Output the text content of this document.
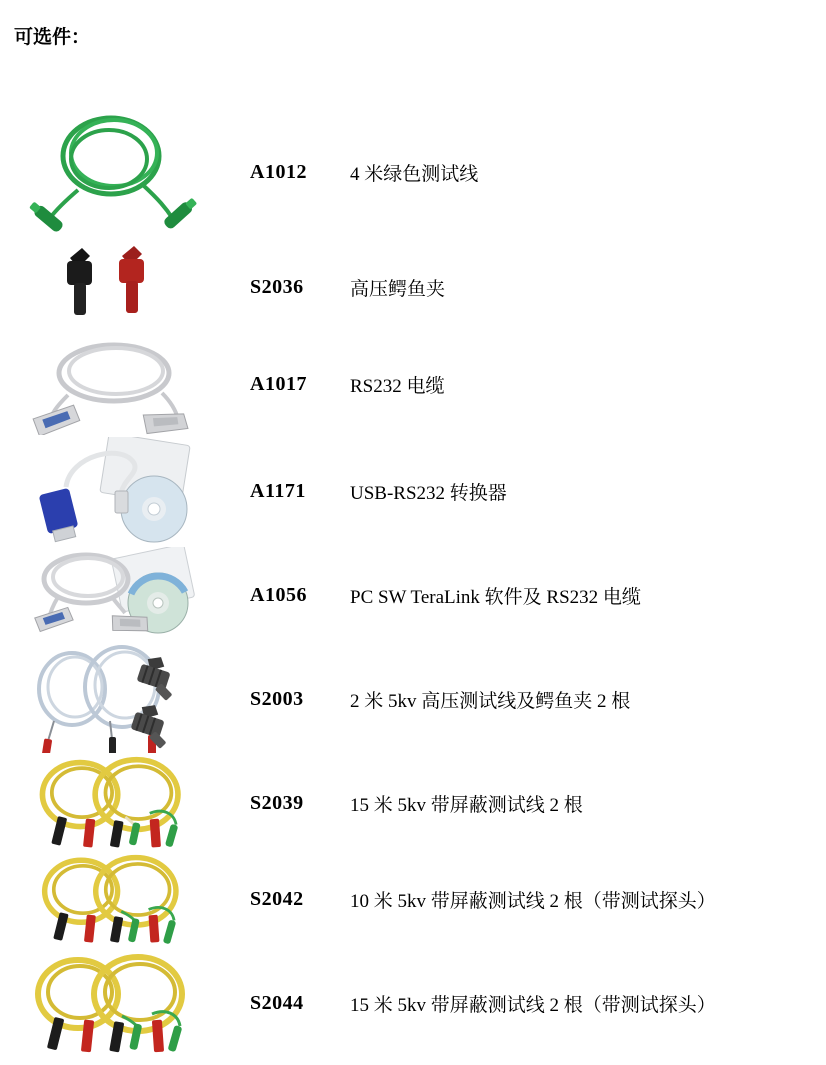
可选件：
A1012	4 米绿色测试线
S2036	高压鳄鱼夹
A1017	RS232 电缆
A1171	USB-RS232 转换器
A1056	PC SW TeraLink 软件及 RS232 电缆
S2003	2 米 5kv 高压测试线及鳄鱼夹 2 根
S2039	15 米 5kv 带屏蔽测试线 2 根
S2042	10 米 5kv 带屏蔽测试线 2 根（带测试探头）
S2044	15 米 5kv 带屏蔽测试线 2 根（带测试探头）
